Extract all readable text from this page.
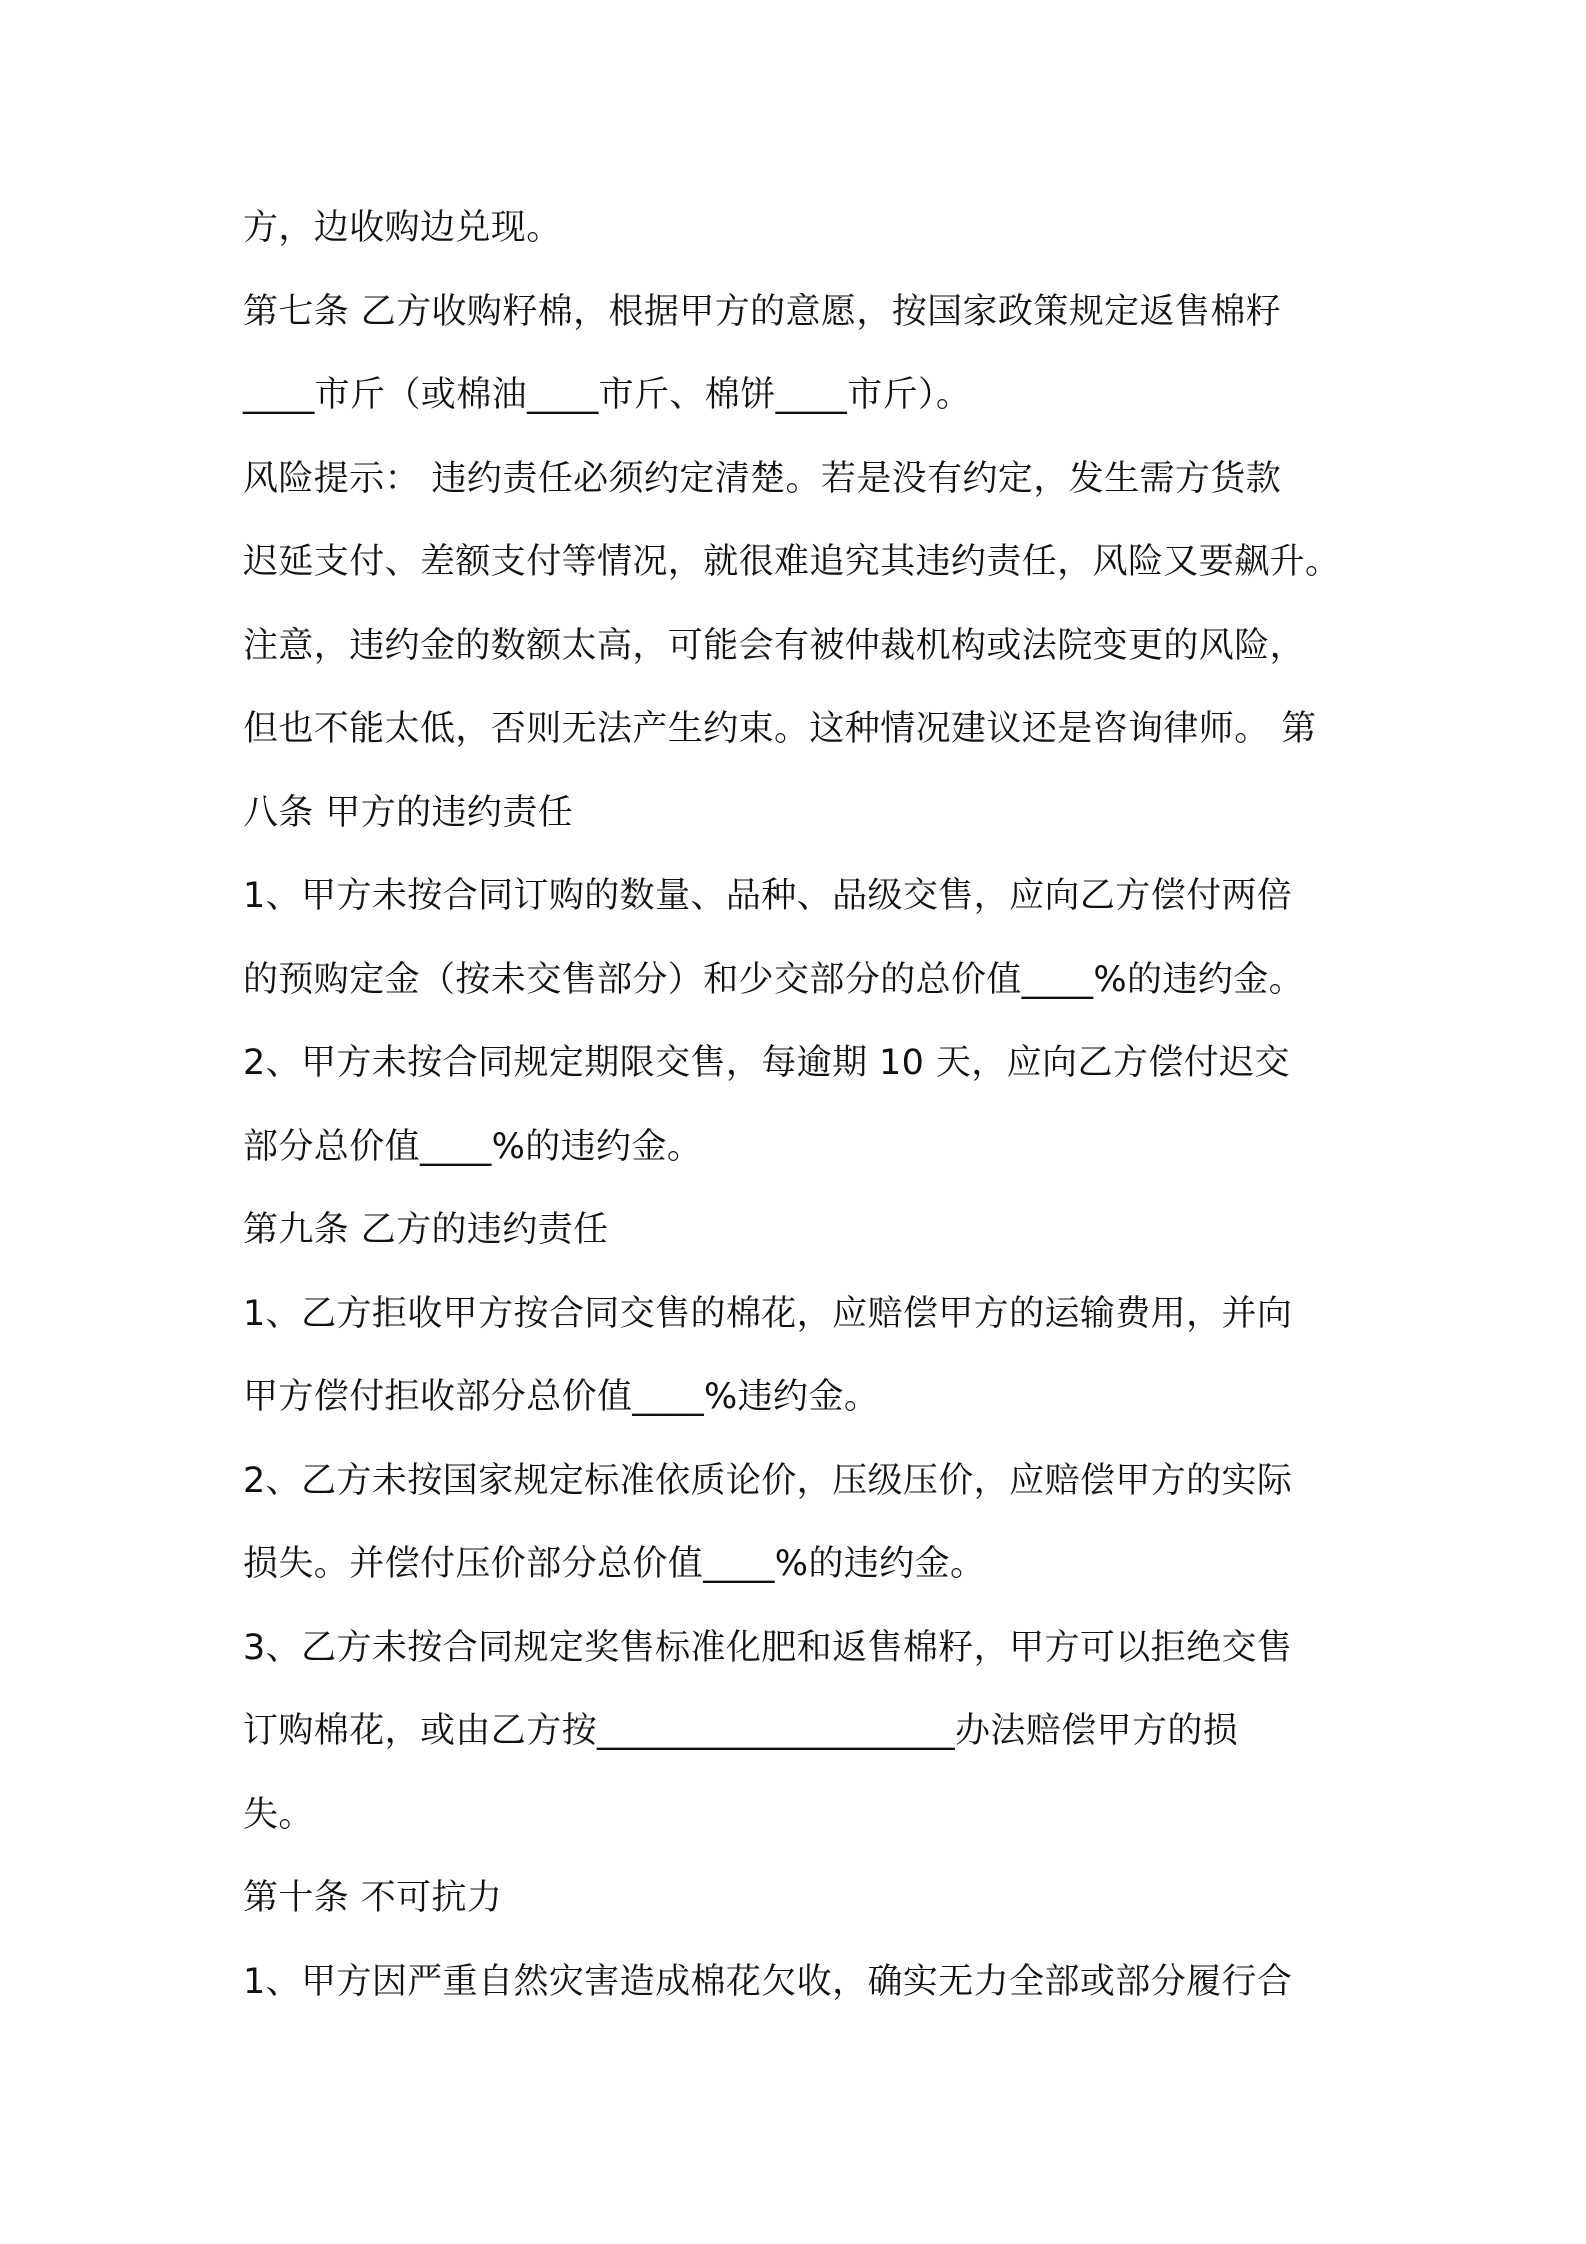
方，边收购边兑现。
第七条 乙方收购籽棉，根据甲方的意愿，按国家政策规定返售棉籽
____市斤（或棉油____市斤、棉饼____市斤）。
风险提示： 违约责任必须约定清楚。若是没有约定，发生需方货款
迟延支付、差额支付等情况，就很难追究其违约责任，风险又要飙升。
注意，违约金的数额太高，可能会有被仲裁机构或法院变更的风险，
但也不能太低，否则无法产生约束。这种情况建议还是咨询律师。 第
八条 甲方的违约责任
1、甲方未按合同订购的数量、品种、品级交售，应向乙方偿付两倍
的预购定金（按未交售部分）和少交部分的总价值____%的违约金。
2、甲方未按合同规定期限交售，每逾期 10 天，应向乙方偿付迟交
部分总价值____%的违约金。
第九条 乙方的违约责任
1、乙方拒收甲方按合同交售的棉花，应赔偿甲方的运输费用，并向
甲方偿付拒收部分总价值____%违约金。
2、乙方未按国家规定标准依质论价，压级压价，应赔偿甲方的实际
损失。并偿付压价部分总价值____%的违约金。
3、乙方未按合同规定奖售标准化肥和返售棉籽，甲方可以拒绝交售
订购棉花，或由乙方按____________________办法赔偿甲方的损
失。
第十条 不可抗力
1、甲方因严重自然灾害造成棉花欠收，确实无力全部或部分履行合
